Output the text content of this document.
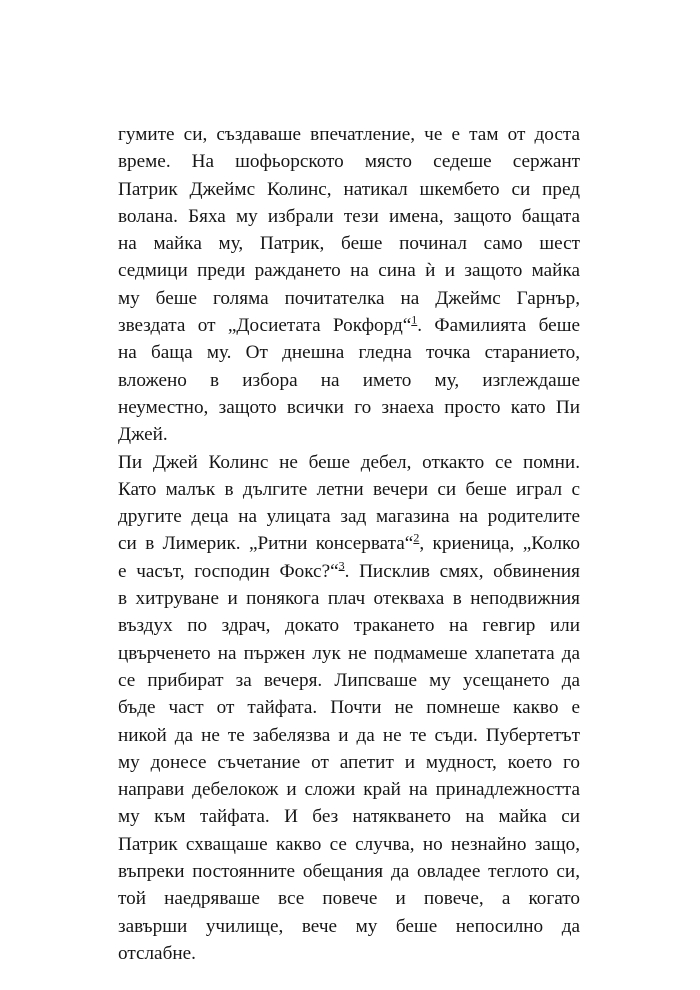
гумите си, създаваше впечатление, че е там от доста
време. На шофьорското място седеше сержант
Патрик Джеймс Колинс, натикал шкембето си пред
волана. Бяха му избрали тези имена, защото бащата
на майка му, Патрик, беше починал само шест
седмици преди раждането на сина ѝ и защото майка
му беше голяма почитателка на Джеймс Гарнър,
звездата от „Досиетата Рокфорд“$^1$. Фамилията беше
на баща му. От днешна гледна точка старанието,
вложено в избора на името му, изглеждаше
неуместно, защото всички го знаеха просто като Пи
Джей.
Пи Джей Колинс не беше дебел, откакто се помни.
Като малък в дългите летни вечери си беше играл с
другите деца на улицата зад магазина на родителите
си в Лимерик. „Ритни консервата“$^2$, криеница, „Колко
е часът, господин Фокс?“$^3$. Писклив смях, обвинения
в хитруване и понякога плач отекваха в неподвижния
въздух по здрач, докато тракането на гевгир или
цвърченето на пържен лук не подмамеше хлапетата да
се прибират за вечеря. Липсваше му усещането да
бъде част от тайфата. Почти не помнеше какво е
никой да не те забелязва и да не те съди. Пубертетът
му донесе съчетание от апетит и мудност, което го
направи дебелокож и сложи край на принадлежността
му към тайфата. И без натякването на майка си
Патрик схващаше какво се случва, но незнайно защо,
въпреки постоянните обещания да овладее теглото си,
той наедряваше все повече и повече, а когато
завърши училище, вече му беше непосилно да
отслабне.
